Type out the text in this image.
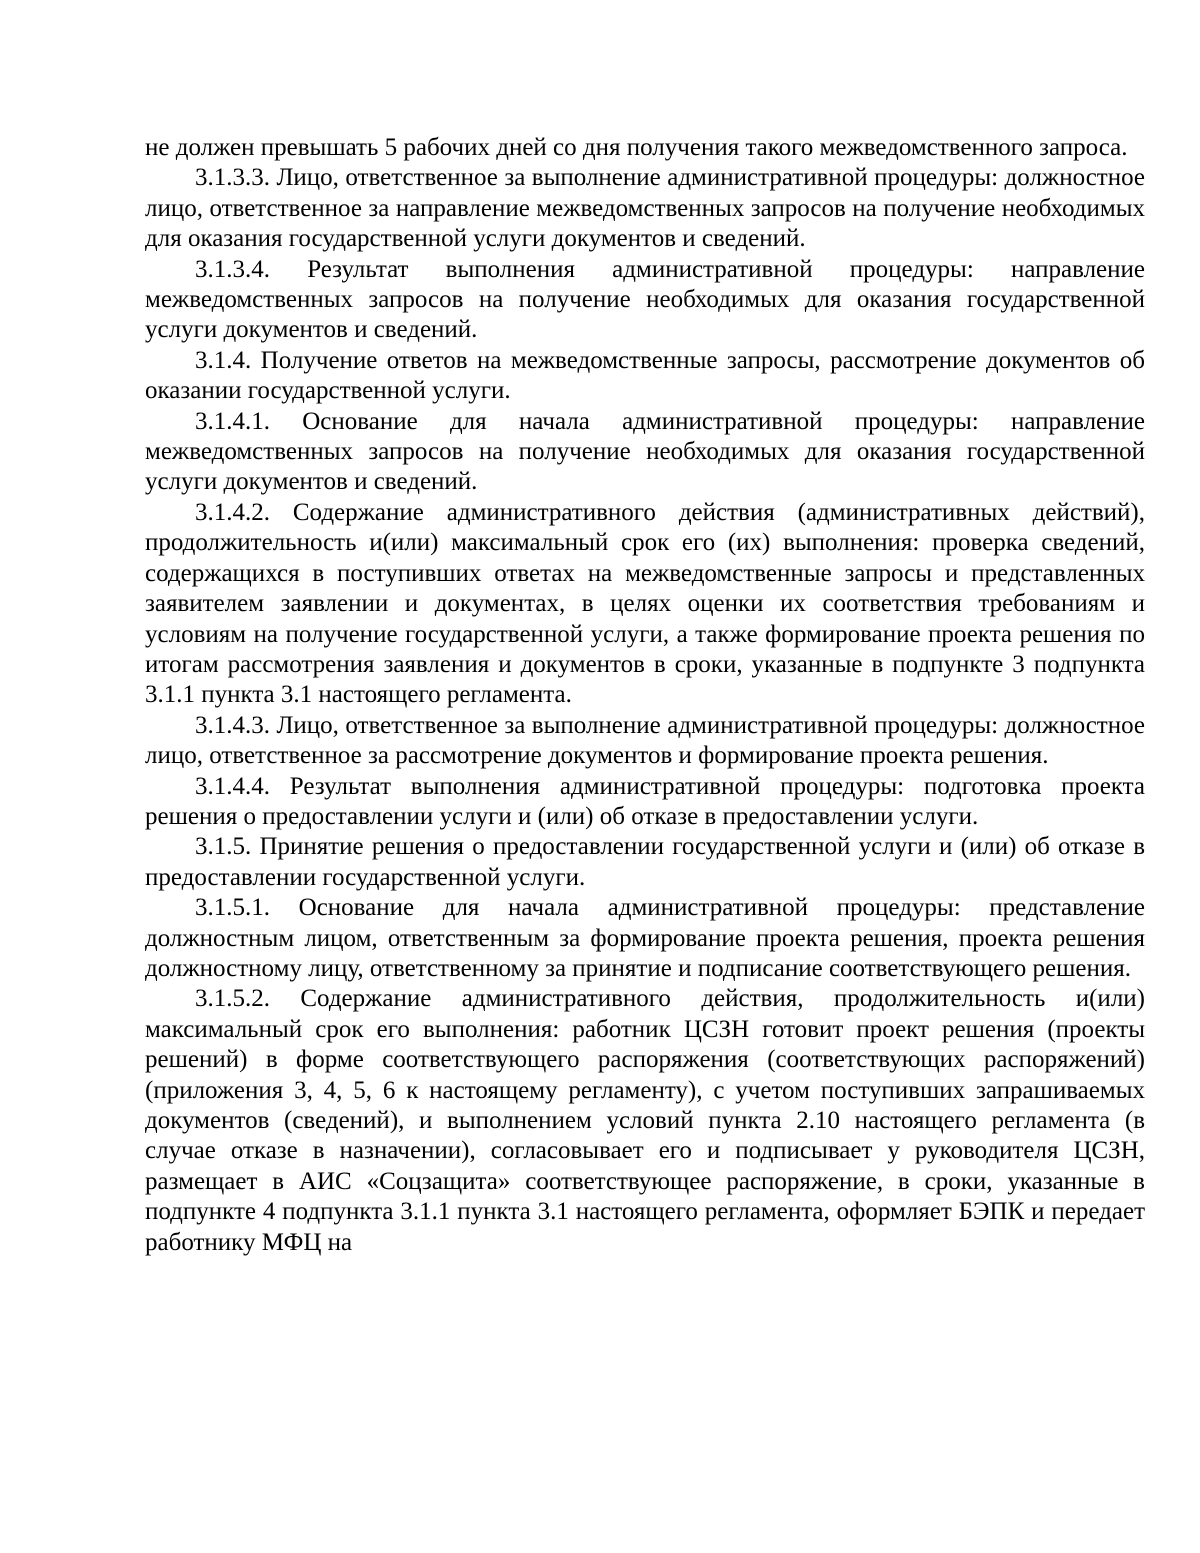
не должен превышать 5 рабочих дней со дня получения такого межведомственного запроса.

3.1.3.3. Лицо, ответственное за выполнение административной процедуры: должностное лицо, ответственное за направление межведомственных запросов на получение необходимых для оказания государственной услуги документов и сведений.

3.1.3.4. Результат выполнения административной процедуры: направление межведомственных запросов на получение необходимых для оказания государственной услуги документов и сведений.

3.1.4. Получение ответов на межведомственные запросы, рассмотрение документов об оказании государственной услуги.

3.1.4.1. Основание для начала административной процедуры: направление межведомственных запросов на получение необходимых для оказания государственной услуги документов и сведений.

3.1.4.2. Содержание административного действия (административных действий), продолжительность и(или) максимальный срок его (их) выполнения: проверка сведений, содержащихся в поступивших ответах на межведомственные запросы и представленных заявителем заявлении и документах, в целях оценки их соответствия требованиям и условиям на получение государственной услуги, а также формирование проекта решения по итогам рассмотрения заявления и документов в сроки, указанные в подпункте 3 подпункта 3.1.1 пункта 3.1 настоящего регламента.

3.1.4.3. Лицо, ответственное за выполнение административной процедуры: должностное лицо, ответственное за рассмотрение документов и формирование проекта решения.

3.1.4.4. Результат выполнения административной процедуры: подготовка проекта решения о предоставлении услуги и (или) об отказе в предоставлении услуги.

3.1.5. Принятие решения о предоставлении государственной услуги и (или) об отказе в предоставлении государственной услуги.

3.1.5.1. Основание для начала административной процедуры: представление должностным лицом, ответственным за формирование проекта решения, проекта решения должностному лицу, ответственному за принятие и подписание соответствующего решения.

3.1.5.2. Содержание административного действия, продолжительность и(или) максимальный срок его выполнения: работник ЦСЗН готовит проект решения (проекты решений) в форме соответствующего распоряжения (соответствующих распоряжений) (приложения 3, 4, 5, 6 к настоящему регламенту), с учетом поступивших запрашиваемых документов (сведений), и выполнением условий пункта 2.10 настоящего регламента (в случае отказе в назначении), согласовывает его и подписывает у руководителя ЦСЗН, размещает в АИС «Соцзащита» соответствующее распоряжение, в сроки, указанные в подпункте 4 подпункта 3.1.1 пункта 3.1 настоящего регламента, оформляет БЭПК и передает работнику МФЦ на
